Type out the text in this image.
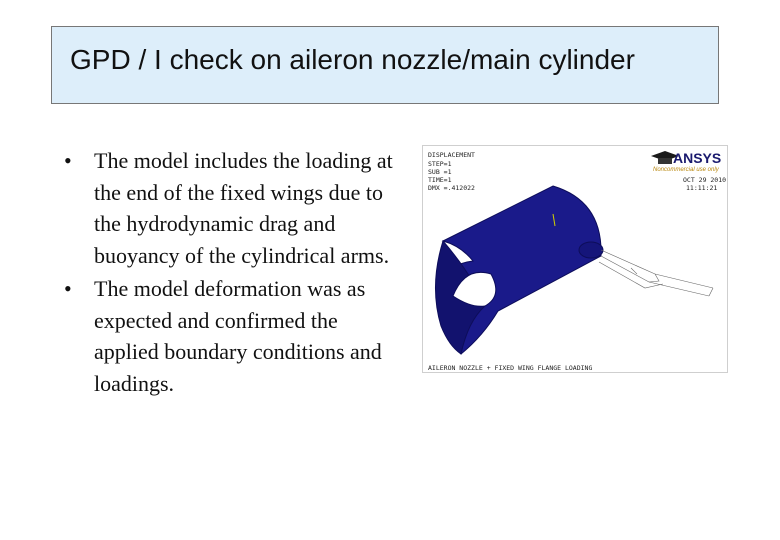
GPD / I check on aileron nozzle/main cylinder
• The model includes the loading at the end of the fixed wings due to the hydrodynamic drag and buoyancy of the cylindrical arms.
• The model deformation was as expected and confirmed the applied boundary conditions and loadings.
DISPLACEMENT
STEP=1
SUB =1
TIME=1
DMX =.412022
ANSYS
Noncommercial use only
OCT 29 2010
11:11:21
AILERON NOZZLE + FIXED WING FLANGE LOADING
